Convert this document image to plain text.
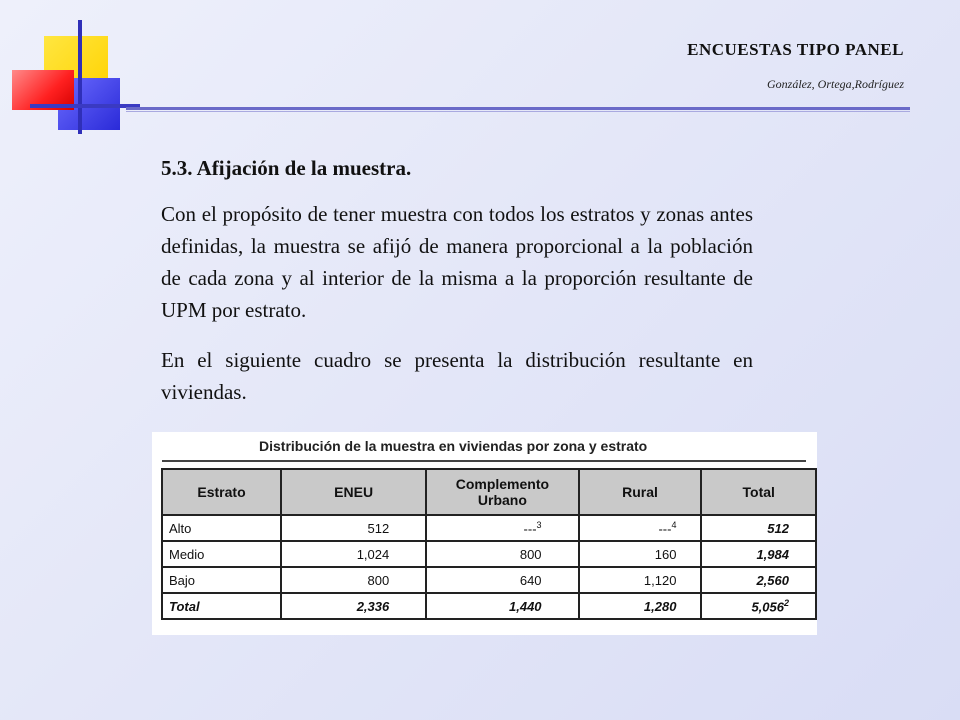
ENCUESTAS TIPO PANEL
González, Ortega,Rodríguez
5.3. Afijación de la muestra.

Con el propósito de tener muestra con todos los estratos y zonas antes definidas, la muestra se afijó de manera proporcional a la población de cada zona y al interior de la misma a la proporción resultante de UPM por estrato.

En el siguiente cuadro se presenta la distribución resultante en viviendas.

Distribución de la muestra en viviendas por zona y estrato
Estrato	ENEU	Complemento Urbano	Rural	Total
Alto	512	---$^3$	---$^4$	512
Medio	1,024	800	160	1,984
Bajo	800	640	1,120	2,560
Total	2,336	1,440	1,280	5,056$^2$
